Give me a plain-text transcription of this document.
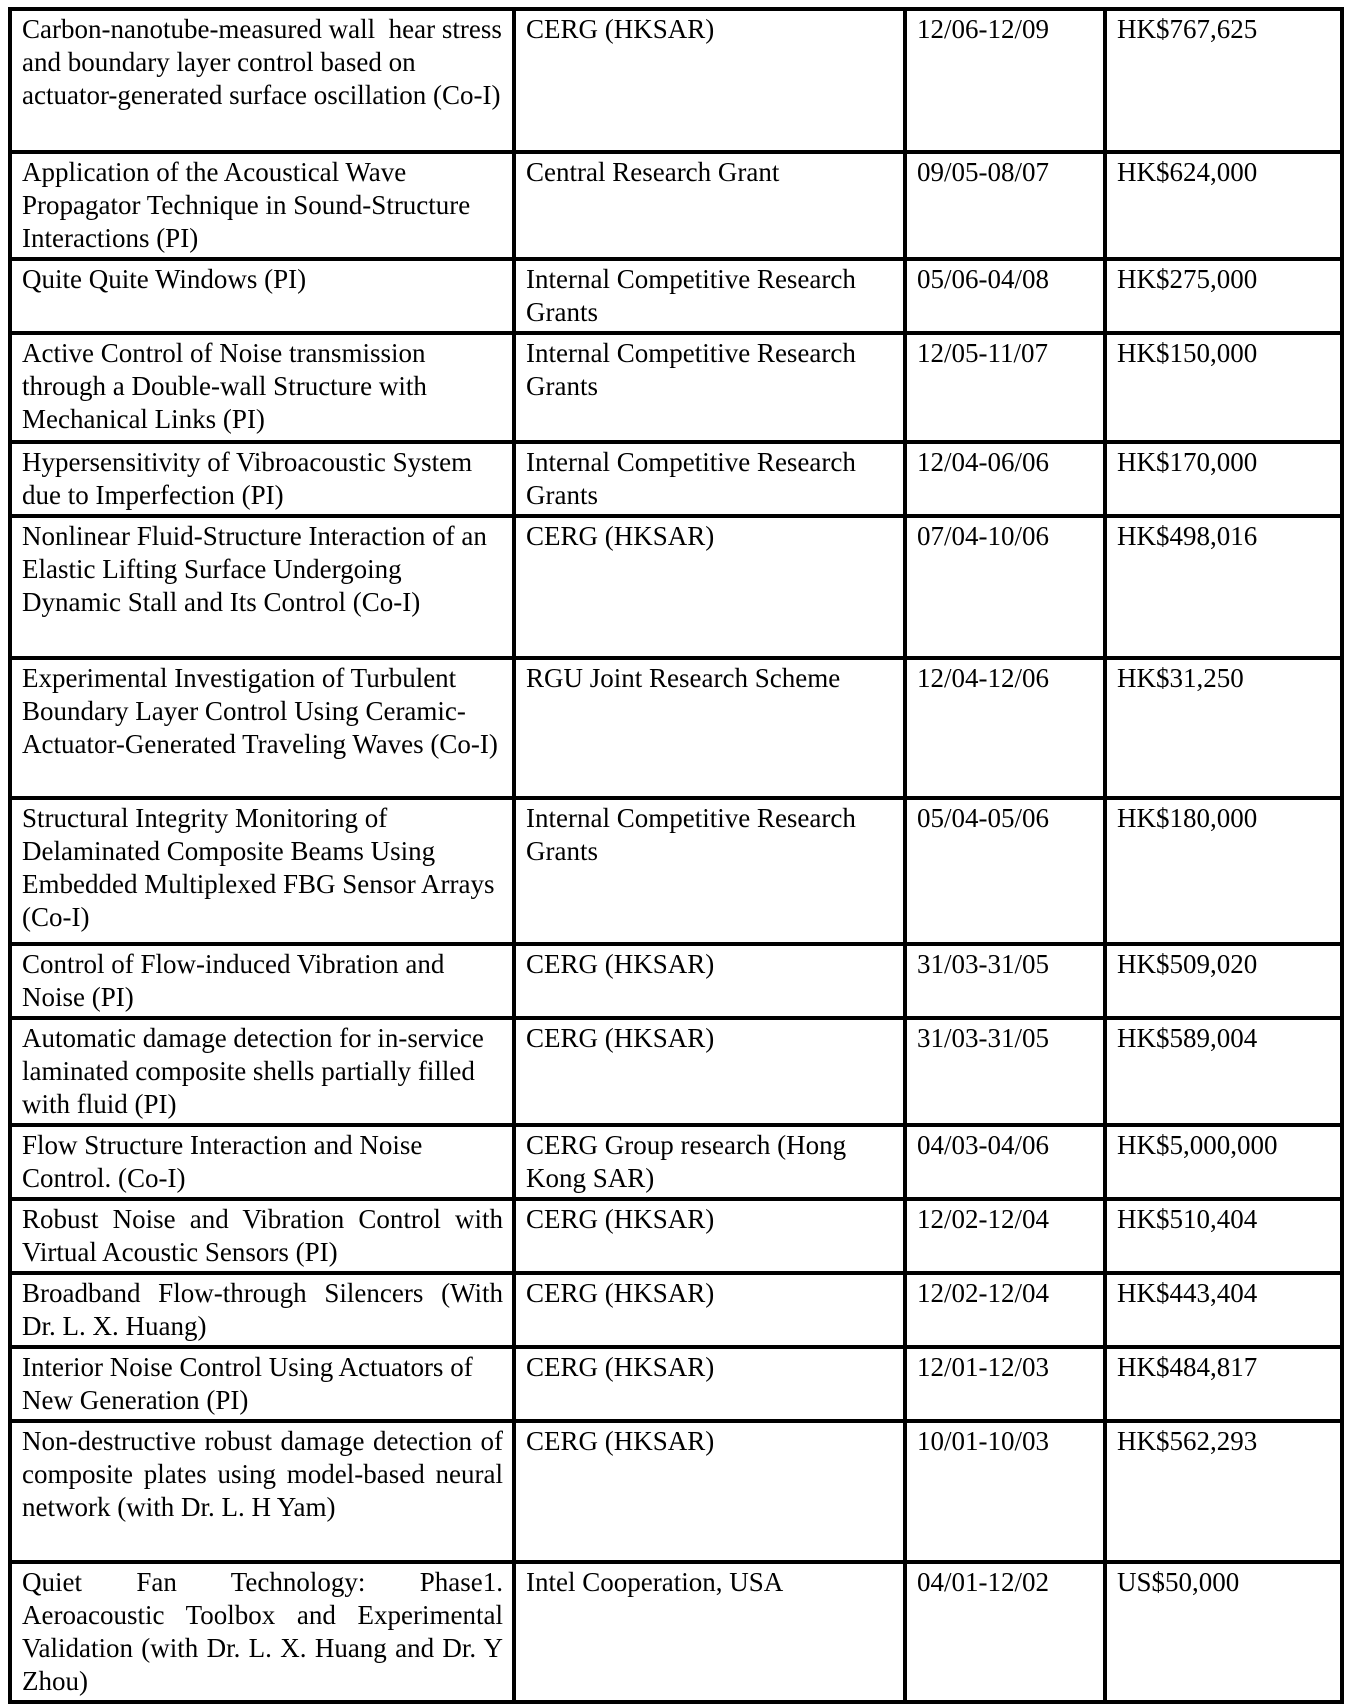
Carbon-nanotube-measured wall  hear stress and boundary layer control based on actuator-generated surface oscillation (Co-I)	CERG (HKSAR)	12/06-12/09	HK$767,625
Application of the Acoustical Wave Propagator Technique in Sound-Structure Interactions (PI)	Central Research Grant	09/05-08/07	HK$624,000
Quite Quite Windows (PI)	Internal Competitive Research Grants	05/06-04/08	HK$275,000
Active Control of Noise transmission through a Double-wall Structure with Mechanical Links (PI)	Internal Competitive Research Grants	12/05-11/07	HK$150,000
Hypersensitivity of Vibroacoustic System due to Imperfection (PI)	Internal Competitive Research Grants	12/04-06/06	HK$170,000
Nonlinear Fluid-Structure Interaction of an Elastic Lifting Surface Undergoing Dynamic Stall and Its Control (Co-I)	CERG (HKSAR)	07/04-10/06	HK$498,016
Experimental Investigation of Turbulent Boundary Layer Control Using Ceramic-Actuator-Generated Traveling Waves (Co-I)	RGU Joint Research Scheme	12/04-12/06	HK$31,250
Structural Integrity Monitoring of Delaminated Composite Beams Using Embedded Multiplexed FBG Sensor Arrays (Co-I)	Internal Competitive Research Grants	05/04-05/06	HK$180,000
Control of Flow-induced Vibration and Noise (PI)	CERG (HKSAR)	31/03-31/05	HK$509,020
Automatic damage detection for in-service laminated composite shells partially filled with fluid (PI)	CERG (HKSAR)	31/03-31/05	HK$589,004
Flow Structure Interaction and Noise Control. (Co-I)	CERG Group research (Hong Kong SAR)	04/03-04/06	HK$5,000,000
Robust Noise and Vibration Control with Virtual Acoustic Sensors (PI)	CERG (HKSAR)	12/02-12/04	HK$510,404
Broadband Flow-through Silencers (With Dr. L. X. Huang)	CERG (HKSAR)	12/02-12/04	HK$443,404
Interior Noise Control Using Actuators of New Generation (PI)	CERG (HKSAR)	12/01-12/03	HK$484,817
Non-destructive robust damage detection of composite plates using model-based neural network (with Dr. L. H Yam)	CERG (HKSAR)	10/01-10/03	HK$562,293
Quiet Fan Technology: Phase1. Aeroacoustic Toolbox and Experimental Validation (with Dr. L. X. Huang and Dr. Y Zhou)	Intel Cooperation, USA	04/01-12/02	US$50,000
